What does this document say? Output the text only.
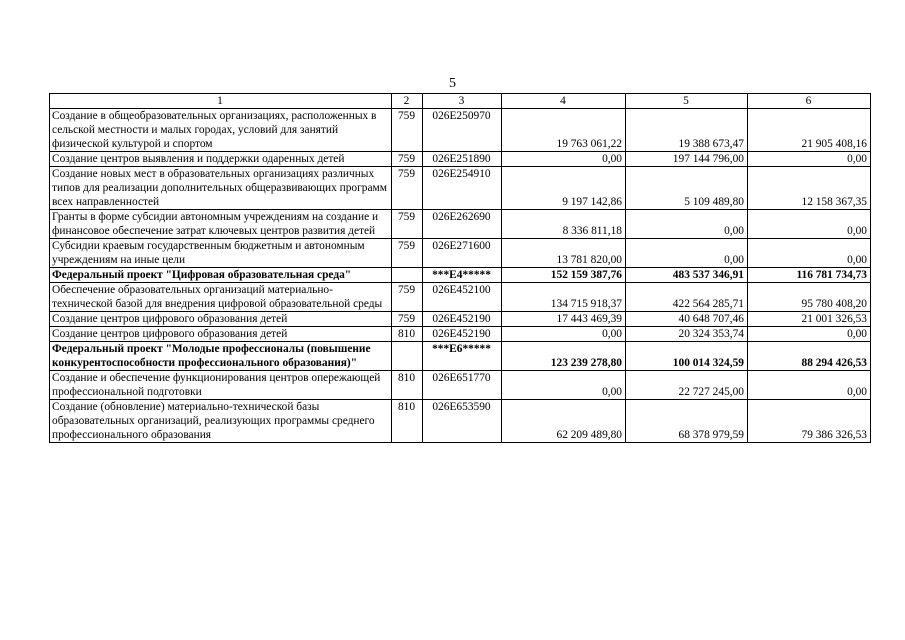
5
1	2	3	4	5	6
Создание в общеобразовательных организациях, расположенных в сельской местности и малых городах, условий для занятий физической культурой и спортом	759	026E250970	19 763 061,22	19 388 673,47	21 905 408,16
Создание центров выявления и поддержки одаренных детей	759	026E251890	0,00	197 144 796,00	0,00
Создание новых мест в образовательных организациях различных типов для реализации дополнительных общеразвивающих программ всех направленностей	759	026E254910	9 197 142,86	5 109 489,80	12 158 367,35
Гранты в форме субсидии автономным учреждениям на создание и финансовое обеспечение затрат ключевых центров развития детей	759	026E262690	8 336 811,18	0,00	0,00
Субсидии краевым государственным бюджетным и автономным учреждениям на иные цели	759	026E271600	13 781 820,00	0,00	0,00
Федеральный проект "Цифровая образовательная среда"		***E4*****	152 159 387,76	483 537 346,91	116 781 734,73
Обеспечение образовательных организаций материально-технической базой для внедрения цифровой образовательной среды	759	026E452100	134 715 918,37	422 564 285,71	95 780 408,20
Создание центров цифрового образования детей	759	026E452190	17 443 469,39	40 648 707,46	21 001 326,53
Создание центров цифрового образования детей	810	026E452190	0,00	20 324 353,74	0,00
Федеральный проект "Молодые профессионалы (повышение конкурентоспособности профессионального образования)"		***E6*****	123 239 278,80	100 014 324,59	88 294 426,53
Создание и обеспечение функционирования центров опережающей профессиональной подготовки	810	026E651770	0,00	22 727 245,00	0,00
Создание (обновление) материально-технической базы образовательных организаций, реализующих программы среднего профессионального образования	810	026E653590	62 209 489,80	68 378 979,59	79 386 326,53
